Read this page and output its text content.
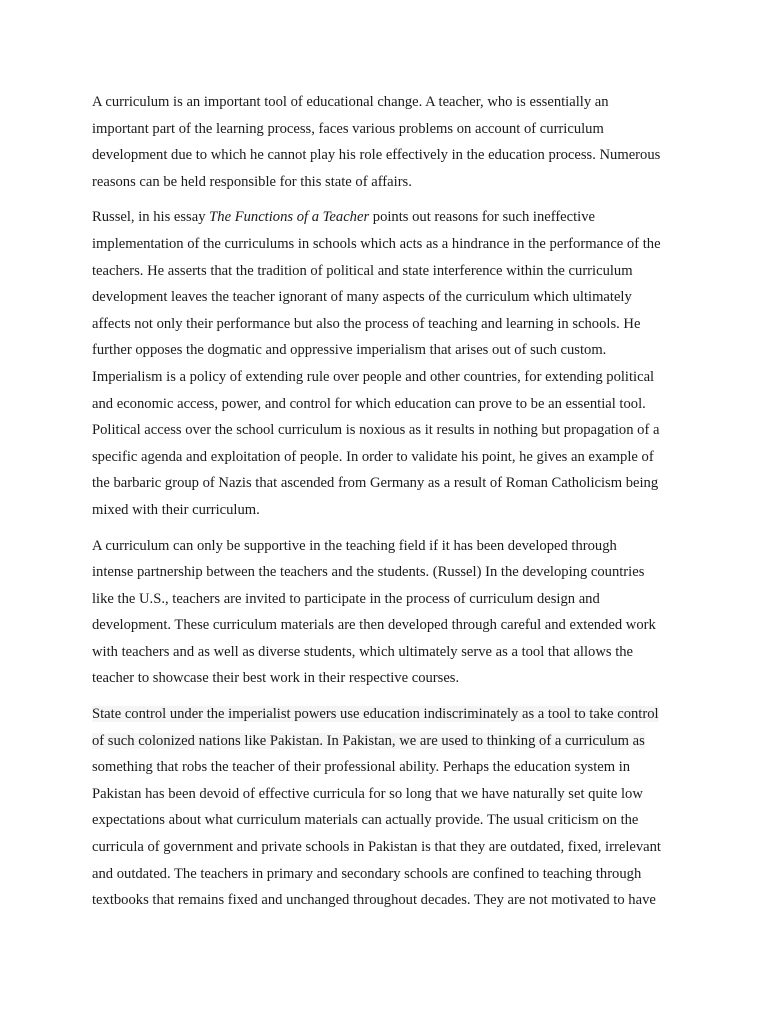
A curriculum is an important tool of educational change. A teacher, who is essentially an
important part of the learning process, faces various problems on account of curriculum
development due to which he cannot play his role effectively in the education process. Numerous
reasons can be held responsible for this state of affairs.

Russel, in his essay The Functions of a Teacher points out reasons for such ineffective
implementation of the curriculums in schools which acts as a hindrance in the performance of the
teachers. He asserts that the tradition of political and state interference within the curriculum
development leaves the teacher ignorant of many aspects of the curriculum which ultimately
affects not only their performance but also the process of teaching and learning in schools. He
further opposes the dogmatic and oppressive imperialism that arises out of such custom.
Imperialism is a policy of extending rule over people and other countries, for extending political
and economic access, power, and control for which education can prove to be an essential tool.
Political access over the school curriculum is noxious as it results in nothing but propagation of a
specific agenda and exploitation of people. In order to validate his point, he gives an example of
the barbaric group of Nazis that ascended from Germany as a result of Roman Catholicism being
mixed with their curriculum.

A curriculum can only be supportive in the teaching field if it has been developed through
intense partnership between the teachers and the students. (Russel) In the developing countries
like the U.S., teachers are invited to participate in the process of curriculum design and
development. These curriculum materials are then developed through careful and extended work
with teachers and as well as diverse students, which ultimately serve as a tool that allows the
teacher to showcase their best work in their respective courses.

State control under the imperialist powers use education indiscriminately as a tool to take control
of such colonized nations like Pakistan. In Pakistan, we are used to thinking of a curriculum as
something that robs the teacher of their professional ability. Perhaps the education system in
Pakistan has been devoid of effective curricula for so long that we have naturally set quite low
expectations about what curriculum materials can actually provide. The usual criticism on the
curricula of government and private schools in Pakistan is that they are outdated, fixed, irrelevant
and outdated. The teachers in primary and secondary schools are confined to teaching through
textbooks that remains fixed and unchanged throughout decades. They are not motivated to have
